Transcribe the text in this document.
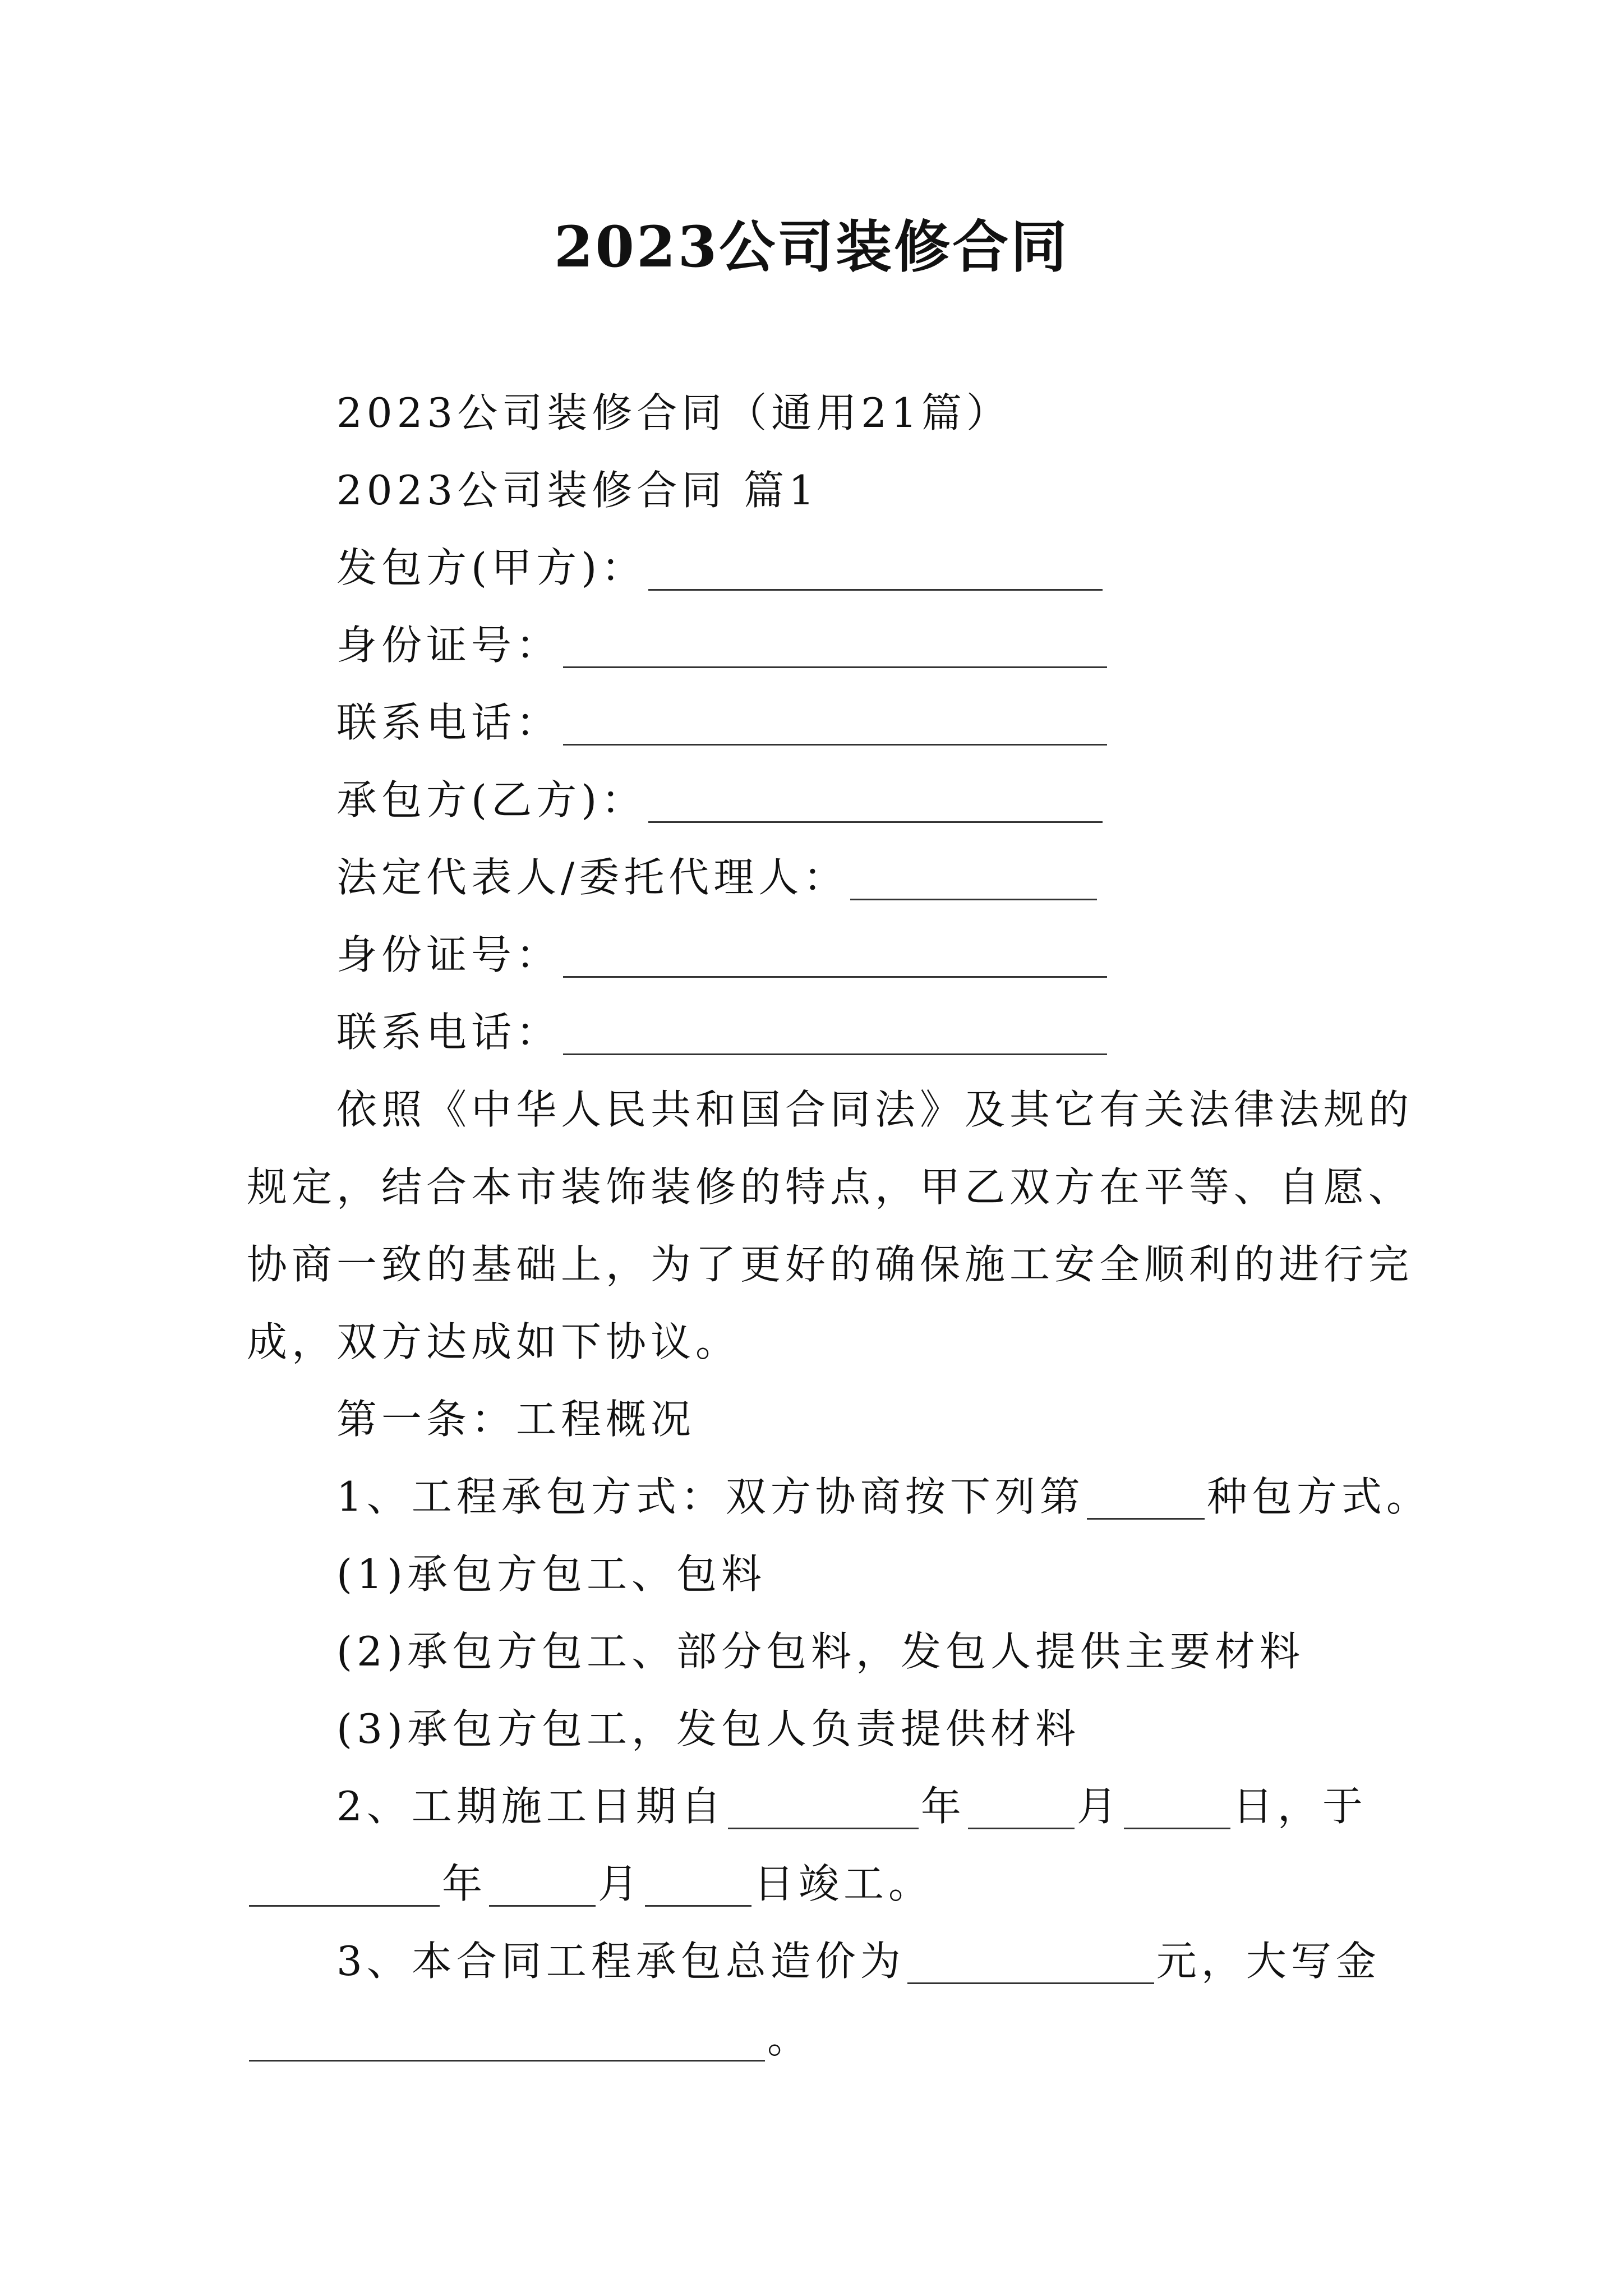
2023公司装修合同
2023公司装修合同（通用21篇）
2023公司装修合同 篇1
发包方(甲方)：
身份证号：
联系电话：
承包方(乙方)：
法定代表人/委托代理人：
身份证号：
联系电话：
依照《中华人民共和国合同法》及其它有关法律法规的
规定，结合本市装饰装修的特点，甲乙双方在平等、自愿、
协商一致的基础上，为了更好的确保施工安全顺利的进行完
成，双方达成如下协议。
第一条：工程概况
1、工程承包方式：双方协商按下列第	种包方式。
(1)承包方包工、包料
(2)承包方包工、部分包料，发包人提供主要材料
(3)承包方包工，发包人负责提供材料
2、工期施工日期自	年	月	日，于
年	月	日竣工。
3、本合同工程承包总造价为	元，大写金
。
